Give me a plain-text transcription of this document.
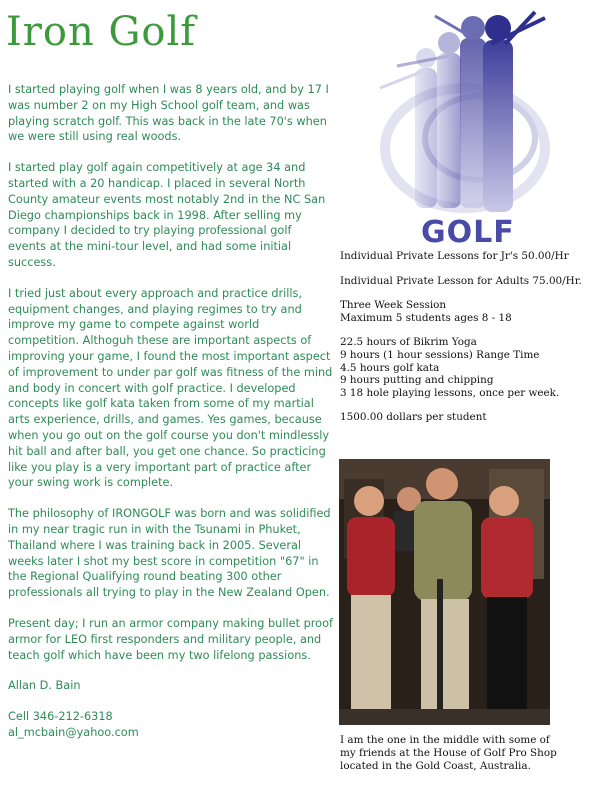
Iron Golf

I started playing golf when I was 8 years old, and by 17 I was number 2 on my High School golf team, and was playing scratch golf. This was back in the late 70's when we were still using real woods.

I started play golf again competitively at age 34 and started with a 20 handicap. I placed in several North County amateur events most notably 2nd in the NC San Diego championships back in 1998. After selling my company I decided to try playing professional golf events at the mini-tour level, and had some initial success.

I tried just about every approach and practice drills, equipment changes, and playing regimes to try and improve my game to compete against world competition. Althoguh these are important aspects of improving your game, I found the most important aspect of improvement to under par golf was fitness of the mind and body in concert with golf practice. I developed concepts like golf kata taken from some of my martial arts experience, drills, and games. Yes games, because when you go out on the golf course you don't mindlessly hit ball and after ball, you get one chance. So practicing like you play is a very important part of practice after your swing work is complete.

The philosophy of IRONGOLF was born and was solidified in my near tragic run in with the Tsunami in Phuket, Thailand where I was training back in 2005. Several weeks later I shot my best score in competition "67" in the Regional Qualifying round beating 300 other professionals all trying to play in the New Zealand Open.

Present day; I run an armor company making bullet proof armor for LEO first responders and military people, and teach golf which have been my two lifelong passions.

Allan D. Bain
Cell 346-212-6318
al_mcbain@yahoo.com
GOLF
Individual Private Lessons for Jr's 50.00/Hr
Individual Private Lesson for Adults 75.00/Hr.
Three Week Session
Maximum 5 students ages 8 - 18
22.5 hours of Bikrim Yoga
9 hours (1 hour sessions) Range Time
4.5 hours golf kata
9 hours putting and chipping
3 18 hole playing lessons, once per week.
1500.00 dollars per student
I am the one in the middle with some of my friends at the House of Golf Pro Shop located in the Gold Coast, Australia.
